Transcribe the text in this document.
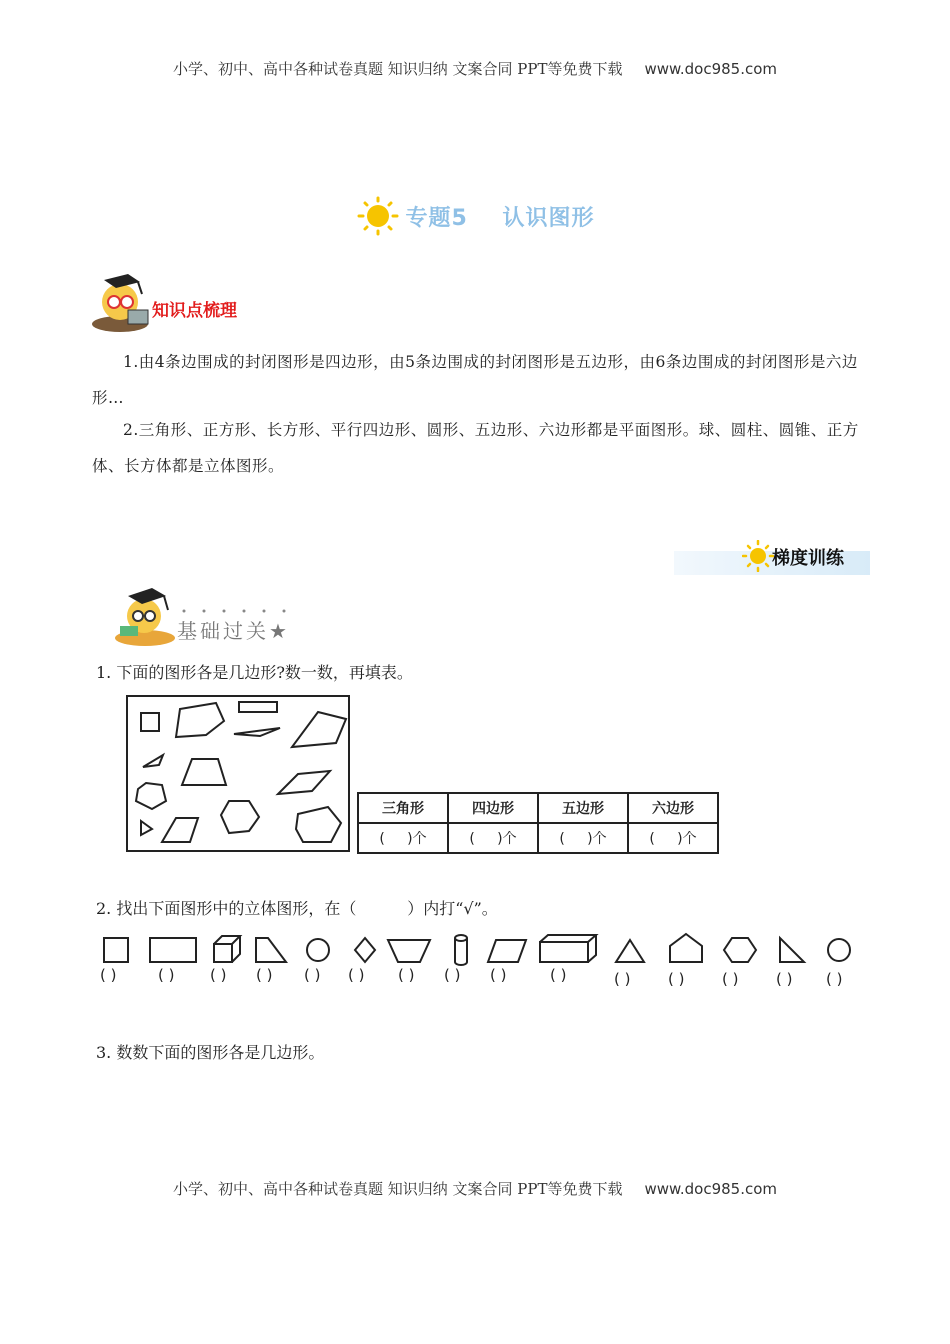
小学、初中、高中各种试卷真题 知识归纳 文案合同 PPT等免费下载 www.doc985.com
专题5    认识图形
知识点梳理
1.由4条边围成的封闭图形是四边形，由5条边围成的封闭图形是五边形，由6条边围成的封闭图形是六边形…
2.三角形、正方形、长方形、平行四边形、圆形、五边形、六边形都是平面图形。球、圆柱、圆锥、正方体、长方体都是立体图形。
梯度训练
基础过关★
1. 下面的图形各是几边形?数一数，再填表。
三角形	四边形	五边形	六边形
(     )个	(     )个	(     )个	(     )个
2. 找出下面图形中的立体图形，在（          ）内打“√”。
( )	( ) ( ) ( ) ( ) ( ) ( ) ( ) ( )	( )	( )	( )	( )	( ) ( )
3. 数数下面的图形各是几边形。
小学、初中、高中各种试卷真题 知识归纳 文案合同 PPT等免费下载 www.doc985.com
